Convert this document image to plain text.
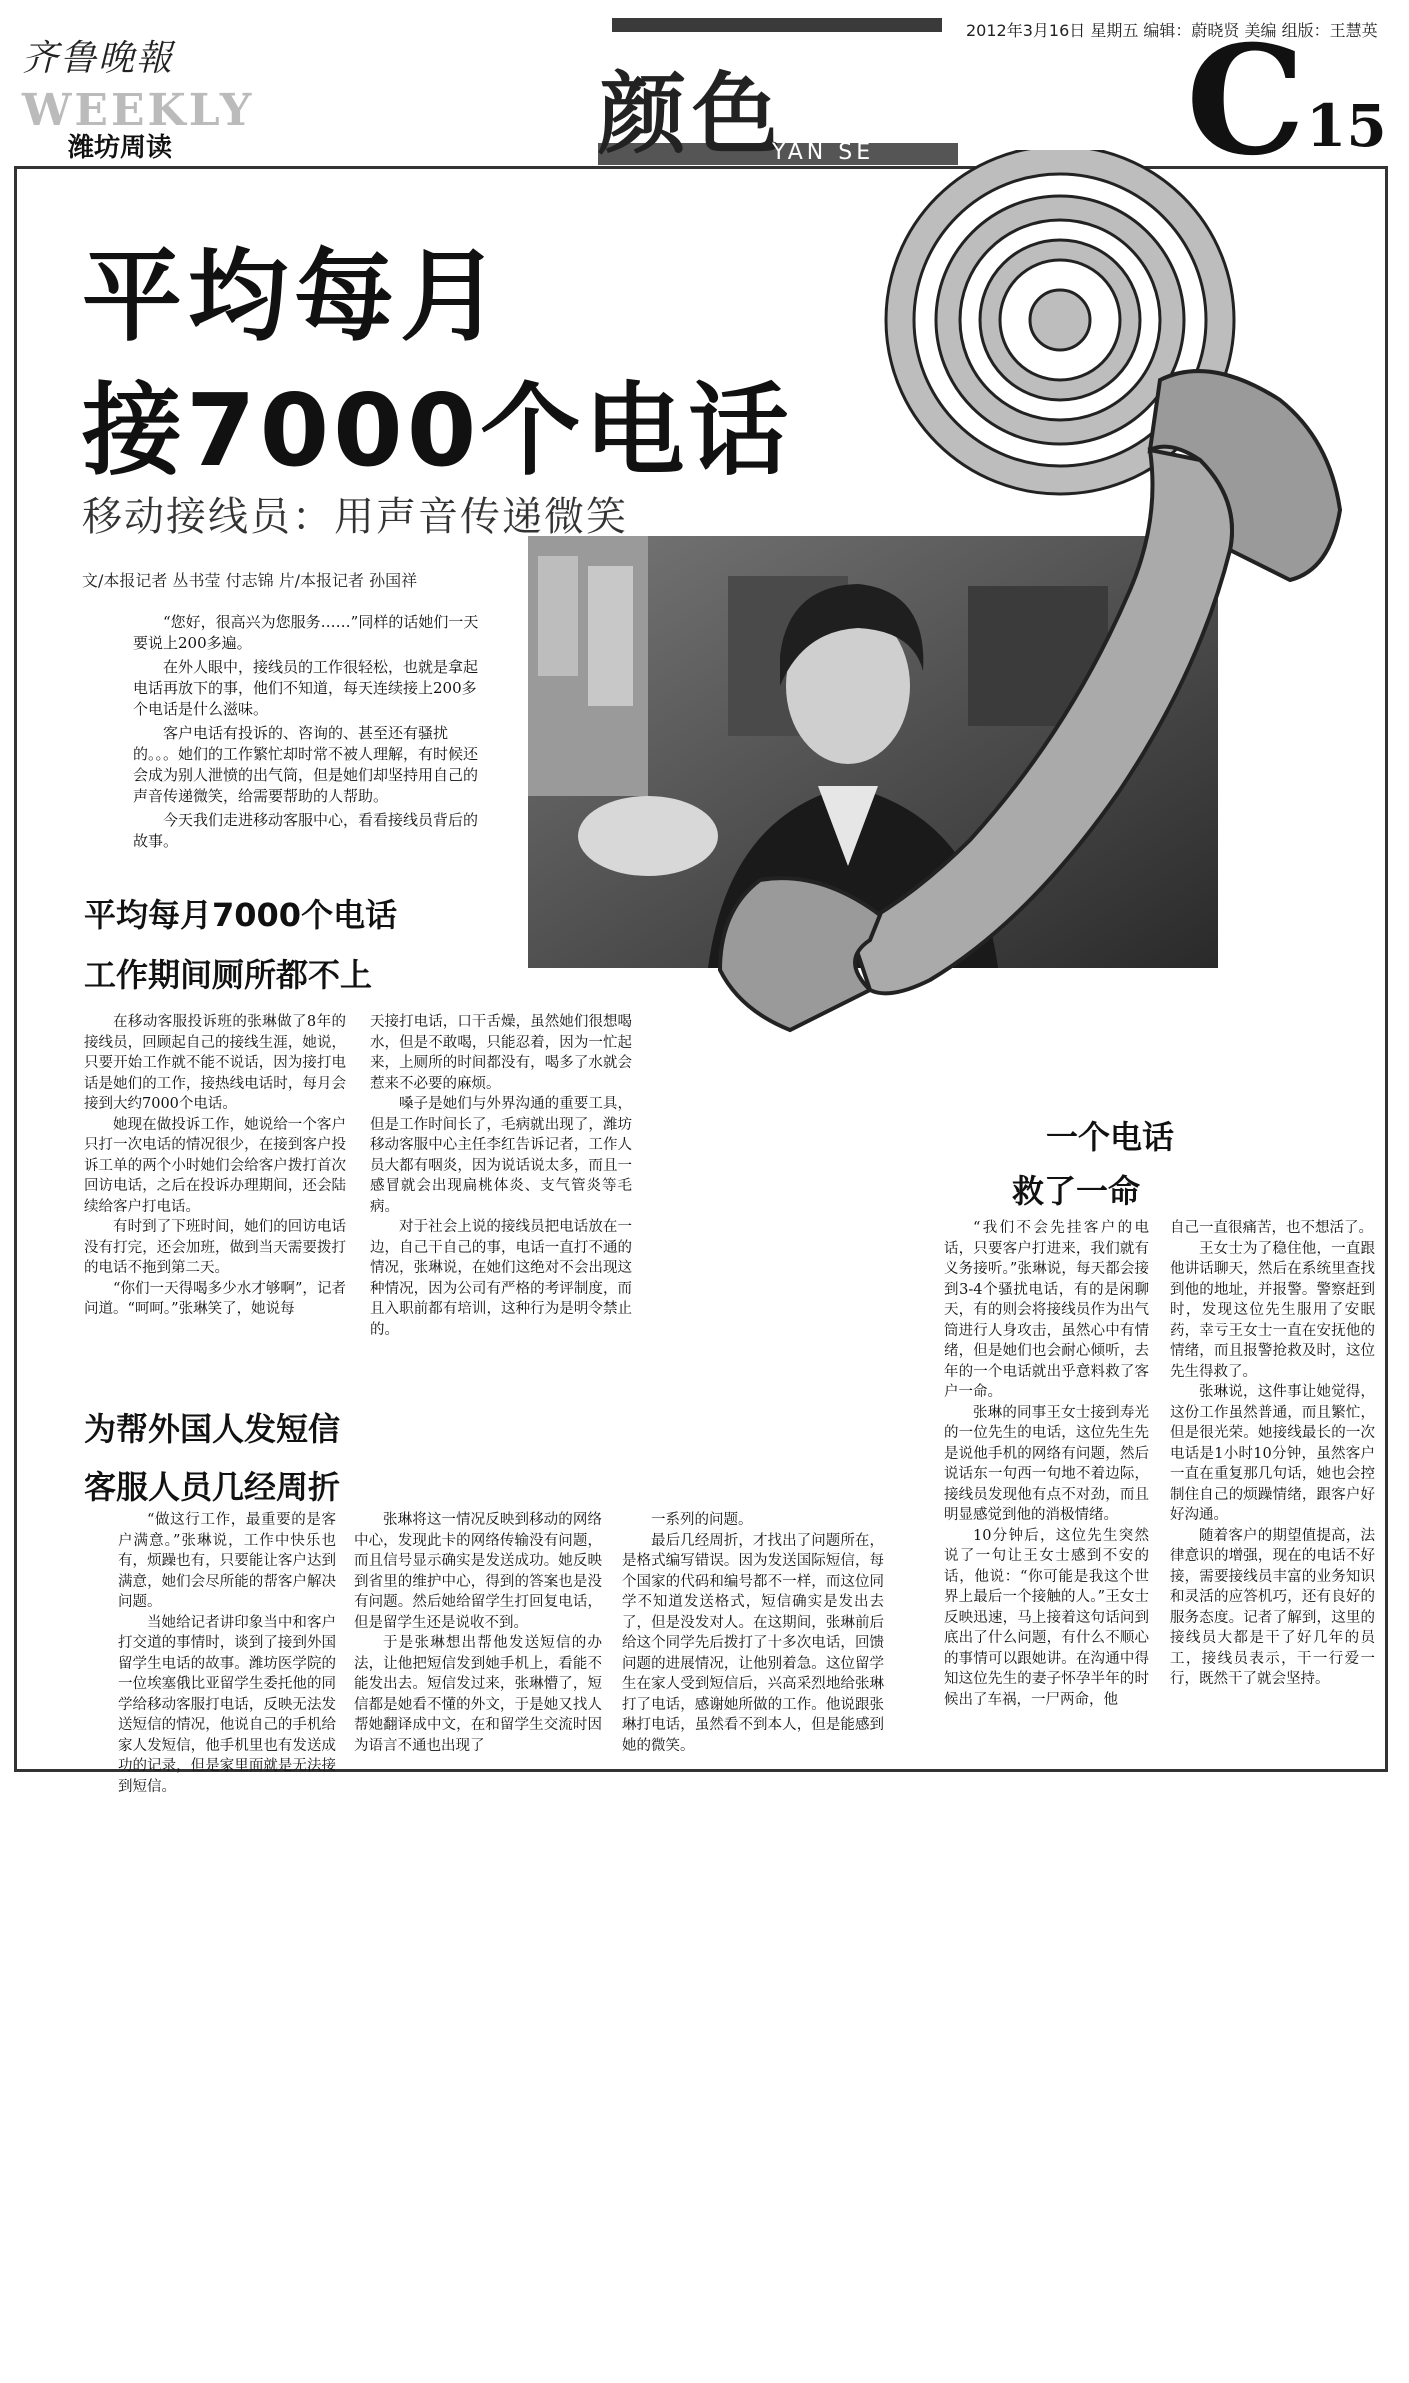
齐鲁晚報
WEEKLY
潍坊周读
2012年3月16日 星期五 编辑：蔚晓贤 美编 组版：王慧英
颜色
YAN SE C 15
平均每月
接7000个电话
移动接线员：用声音传递微笑
文/本报记者 丛书莹 付志锦 片/本报记者 孙国祥

“您好，很高兴为您服务……”同样的话她们一天要说上200多遍。

在外人眼中，接线员的工作很轻松，也就是拿起电话再放下的事，他们不知道，每天连续接上200多个电话是什么滋味。

客户电话有投诉的、咨询的、甚至还有骚扰的。。。她们的工作繁忙却时常不被人理解，有时候还会成为别人泄愤的出气筒，但是她们却坚持用自己的声音传递微笑，给需要帮助的人帮助。

今天我们走进移动客服中心，看看接线员背后的故事。

平均每月7000个电话
工作期间厕所都不上

在移动客服投诉班的张琳做了8年的接线员，回顾起自己的接线生涯，她说，只要开始工作就不能不说话，因为接打电话是她们的工作，接热线电话时，每月会接到大约7000个电话。

她现在做投诉工作，她说给一个客户只打一次电话的情况很少，在接到客户投诉工单的两个小时她们会给客户拨打首次回访电话，之后在投诉办理期间，还会陆续给客户打电话。

有时到了下班时间，她们的回访电话没有打完，还会加班，做到当天需要拨打的电话不拖到第二天。

“你们一天得喝多少水才够啊”，记者问道。“呵呵。”张琳笑了，她说每

天接打电话，口干舌燥，虽然她们很想喝水，但是不敢喝，只能忍着，因为一忙起来，上厕所的时间都没有，喝多了水就会惹来不必要的麻烦。

嗓子是她们与外界沟通的重要工具，但是工作时间长了，毛病就出现了，潍坊移动客服中心主任李红告诉记者，工作人员大都有咽炎，因为说话说太多，而且一感冒就会出现扁桃体炎、支气管炎等毛病。

对于社会上说的接线员把电话放在一边，自己干自己的事，电话一直打不通的情况，张琳说，在她们这绝对不会出现这种情况，因为公司有严格的考评制度，而且入职前都有培训，这种行为是明令禁止的。

为帮外国人发短信
客服人员几经周折

“做这行工作，最重要的是客户满意。”张琳说，工作中快乐也有，烦躁也有，只要能让客户达到满意，她们会尽所能的帮客户解决问题。

当她给记者讲印象当中和客户打交道的事情时，谈到了接到外国留学生电话的故事。潍坊医学院的一位埃塞俄比亚留学生委托他的同学给移动客服打电话，反映无法发送短信的情况，他说自己的手机给家人发短信，他手机里也有发送成功的记录，但是家里面就是无法接到短信。

张琳将这一情况反映到移动的网络中心，发现此卡的网络传输没有问题，而且信号显示确实是发送成功。她反映到省里的维护中心，得到的答案也是没有问题。然后她给留学生打回复电话，但是留学生还是说收不到。

于是张琳想出帮他发送短信的办法，让他把短信发到她手机上，看能不能发出去。短信发过来，张琳懵了，短信都是她看不懂的外文，于是她又找人帮她翻译成中文，在和留学生交流时因为语言不通也出现了

一系列的问题。

最后几经周折，才找出了问题所在，是格式编写错误。因为发送国际短信，每个国家的代码和编号都不一样，而这位同学不知道发送格式，短信确实是发出去了，但是没发对人。在这期间，张琳前后给这个同学先后拨打了十多次电话，回馈问题的进展情况，让他别着急。这位留学生在家人受到短信后，兴高采烈地给张琳打了电话，感谢她所做的工作。他说跟张琳打电话，虽然看不到本人，但是能感到她的微笑。

一个电话
救了一命

“我们不会先挂客户的电话，只要客户打进来，我们就有义务接听。”张琳说，每天都会接到3-4个骚扰电话，有的是闲聊天，有的则会将接线员作为出气筒进行人身攻击，虽然心中有情绪，但是她们也会耐心倾听，去年的一个电话就出乎意料救了客户一命。

张琳的同事王女士接到寿光的一位先生的电话，这位先生先是说他手机的网络有问题，然后说话东一句西一句地不着边际，接线员发现他有点不对劲，而且明显感觉到他的消极情绪。

10分钟后，这位先生突然说了一句让王女士感到不安的话，他说：“你可能是我这个世界上最后一个接触的人。”王女士反映迅速，马上接着这句话问到底出了什么问题，有什么不顺心的事情可以跟她讲。在沟通中得知这位先生的妻子怀孕半年的时候出了车祸，一尸两命，他

自己一直很痛苦，也不想活了。

王女士为了稳住他，一直跟他讲话聊天，然后在系统里查找到他的地址，并报警。警察赶到时，发现这位先生服用了安眠药，幸亏王女士一直在安抚他的情绪，而且报警抢救及时，这位先生得救了。

张琳说，这件事让她觉得，这份工作虽然普通，而且繁忙，但是很光荣。她接线最长的一次电话是1小时10分钟，虽然客户一直在重复那几句话，她也会控制住自己的烦躁情绪，跟客户好好沟通。

随着客户的期望值提高，法律意识的增强，现在的电话不好接，需要接线员丰富的业务知识和灵活的应答机巧，还有良好的服务态度。记者了解到，这里的接线员大都是干了好几年的员工，接线员表示，干一行爱一行，既然干了就会坚持。
